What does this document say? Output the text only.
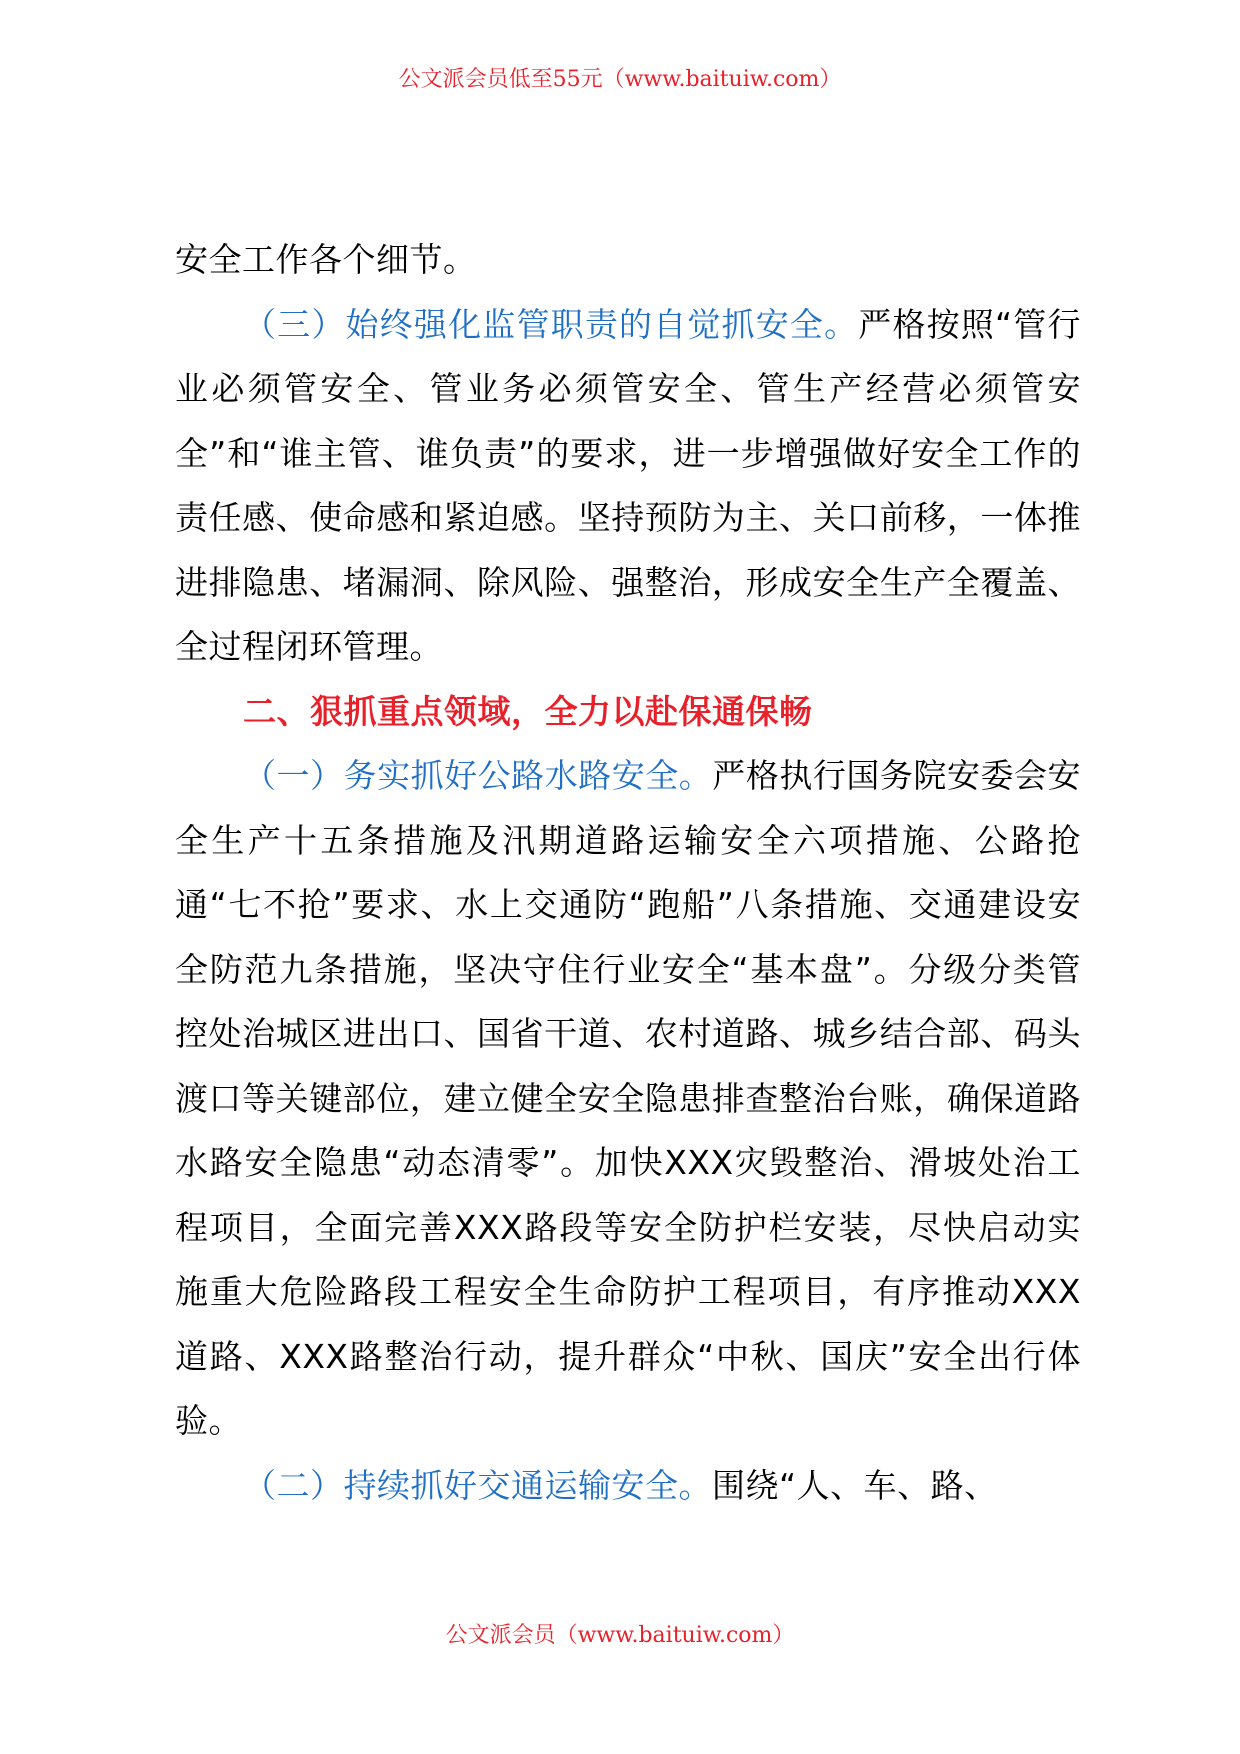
公文派会员低至55元（www.baituiw.com）

安全工作各个细节。

（三）始终强化监管职责的自觉抓安全。严格按照“管行业必须管安全、管业务必须管安全、管生产经营必须管安全”和“谁主管、谁负责”的要求，进一步增强做好安全工作的责任感、使命感和紧迫感。坚持预防为主、关口前移，一体推进排隐患、堵漏洞、除风险、强整治，形成安全生产全覆盖、全过程闭环管理。

二、狠抓重点领域，全力以赴保通保畅

（一）务实抓好公路水路安全。严格执行国务院安委会安全生产十五条措施及汛期道路运输安全六项措施、公路抢通“七不抢”要求、水上交通防“跑船”八条措施、交通建设安全防范九条措施，坚决守住行业安全“基本盘”。分级分类管控处治城区进出口、国省干道、农村道路、城乡结合部、码头渡口等关键部位，建立健全安全隐患排查整治台账，确保道路水路安全隐患“动态清零”。加快XXX灾毁整治、滑坡处治工程项目，全面完善XXX路段等安全防护栏安装，尽快启动实施重大危险路段工程安全生命防护工程项目，有序推动XXX道路、XXX路整治行动，提升群众“中秋、国庆”安全出行体验。

（二）持续抓好交通运输安全。围绕“人、车、路、

公文派会员（www.baituiw.com）
